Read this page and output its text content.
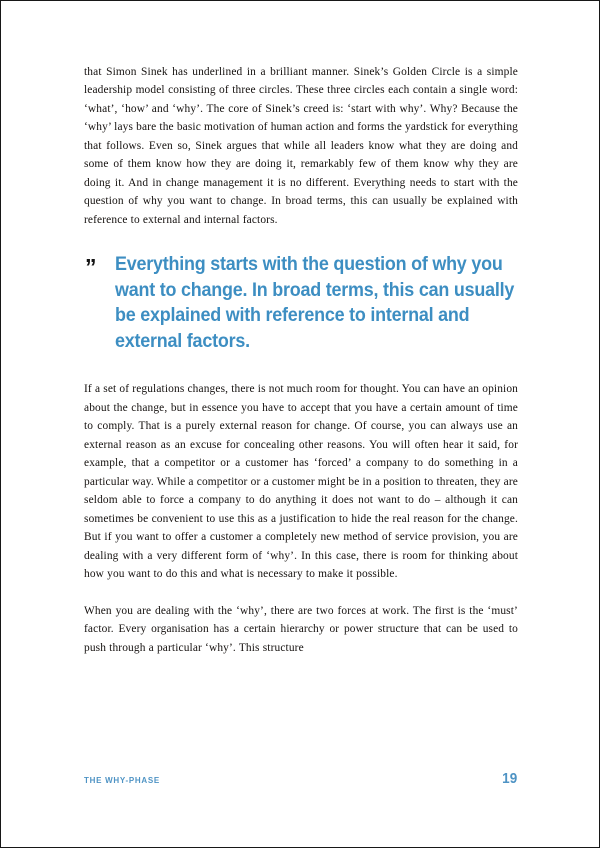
that Simon Sinek has underlined in a brilliant manner. Sinek’s Golden Circle is a simple leadership model consisting of three circles. These three circles each contain a single word: ‘what’, ‘how’ and ‘why’. The core of Sinek’s creed is: ‘start with why’. Why? Because the ‘why’ lays bare the basic motivation of human action and forms the yardstick for everything that follows. Even so, Sinek argues that while all leaders know what they are doing and some of them know how they are doing it, remarkably few of them know why they are doing it. And in change management it is no different. Everything needs to start with the question of why you want to change. In broad terms, this can usually be explained with reference to external and internal factors.

” Everything starts with the question of why you want to change. In broad terms, this can usually be explained with reference to internal and external factors.

If a set of regulations changes, there is not much room for thought. You can have an opinion about the change, but in essence you have to accept that you have a certain amount of time to comply. That is a purely external reason for change. Of course, you can always use an external reason as an excuse for concealing other reasons. You will often hear it said, for example, that a competitor or a customer has ‘forced’ a company to do something in a particular way. While a competitor or a customer might be in a position to threaten, they are seldom able to force a company to do anything it does not want to do – although it can sometimes be convenient to use this as a justification to hide the real reason for the change. But if you want to offer a customer a completely new method of service provision, you are dealing with a very different form of ‘why’. In this case, there is room for thinking about how you want to do this and what is necessary to make it possible.

When you are dealing with the ‘why’, there are two forces at work. The first is the ‘must’ factor. Every organisation has a certain hierarchy or power structure that can be used to push through a particular ‘why’. This structure

THE WHY-PHASE	19
